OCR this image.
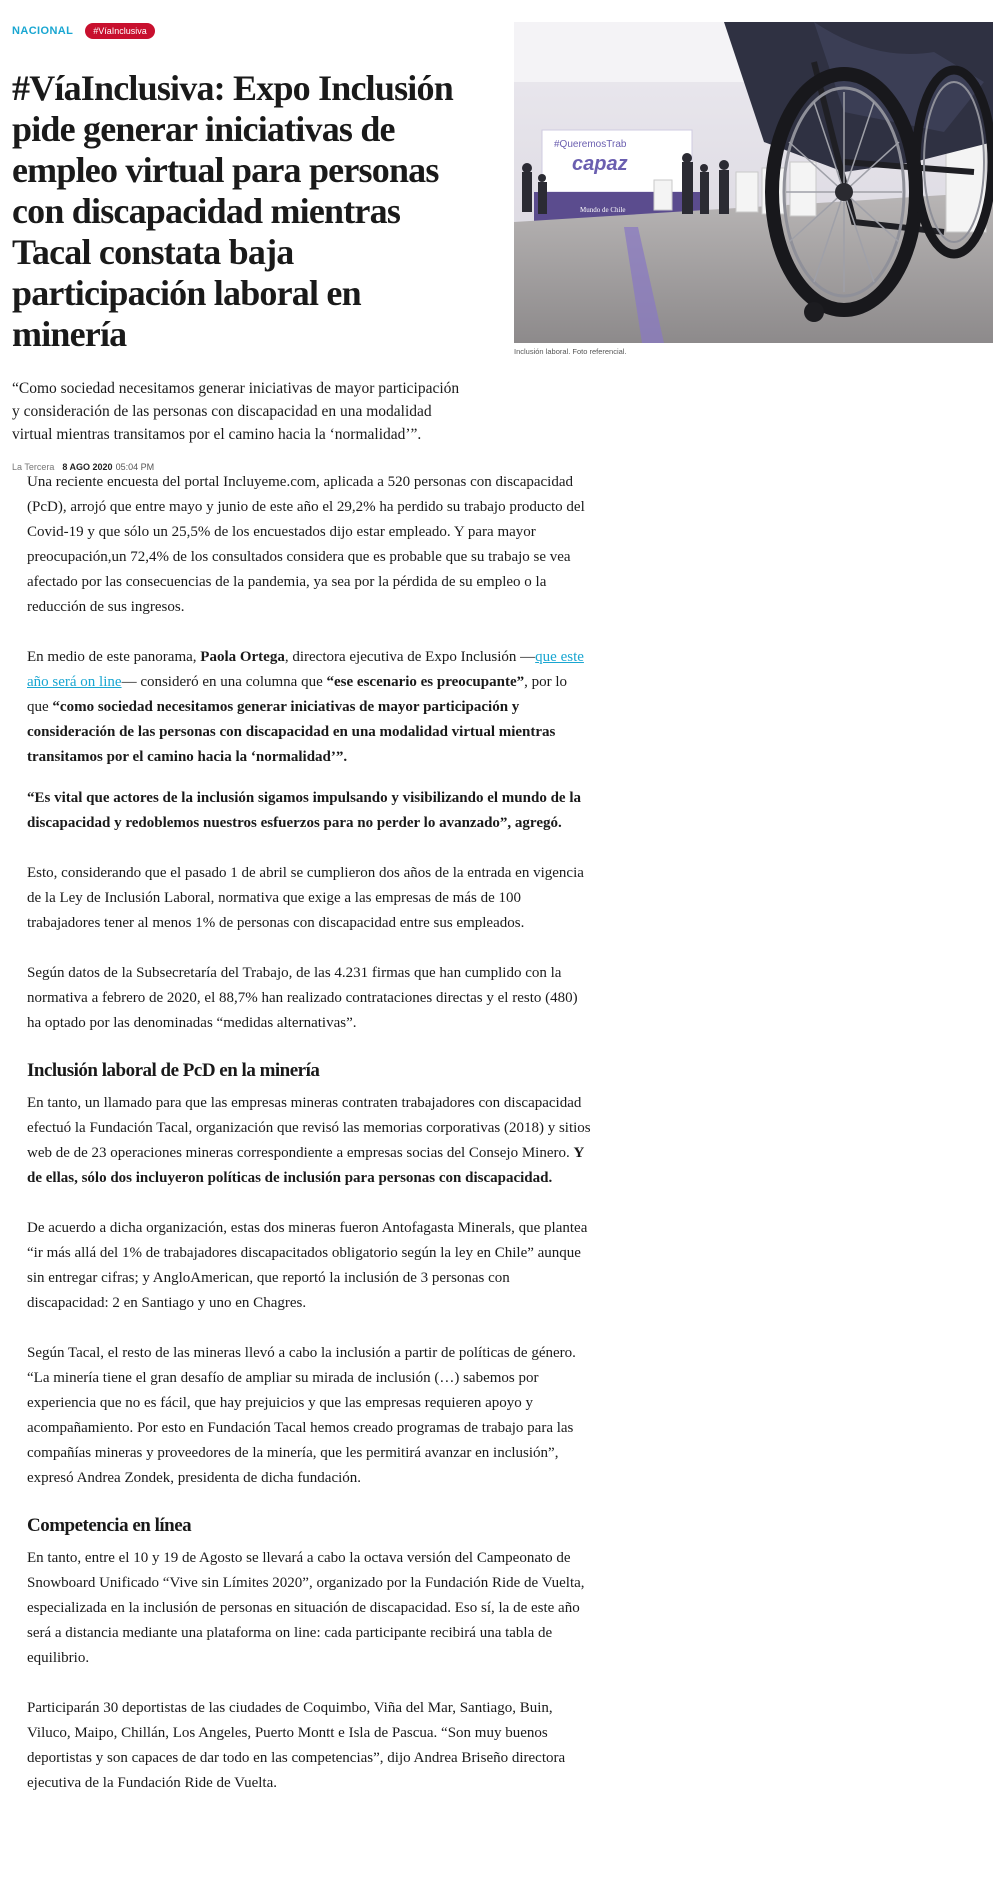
NACIONAL	#VíaInclusiva
#VíaInclusiva: Expo Inclusión pide generar iniciativas de empleo virtual para personas con discapacidad mientras Tacal constata baja participación laboral en minería

“Como sociedad necesitamos generar iniciativas de mayor participación y consideración de las personas con discapacidad en una modalidad virtual mientras transitamos por el camino hacia la ‘normalidad’”.

La Tercera 8 AGO 2020 05:04 PM
#QueremosTrab
capaz
Mundo de Chile
Inclusión laboral. Foto referencial.

Una reciente encuesta del portal Incluyeme.com, aplicada a 520 personas con discapacidad (PcD), arrojó que entre mayo y junio de este año el 29,2% ha perdido su trabajo producto del Covid-19 y que sólo un 25,5% de los encuestados dijo estar empleado. Y para mayor preocupación,un 72,4% de los consultados considera que es probable que su trabajo se vea afectado por las consecuencias de la pandemia, ya sea por la pérdida de su empleo o la reducción de sus ingresos.

En medio de este panorama, Paola Ortega, directora ejecutiva de Expo Inclusión —que este año será on line— consideró en una columna que “ese escenario es preocupante”, por lo que “como sociedad necesitamos generar iniciativas de mayor participación y consideración de las personas con discapacidad en una modalidad virtual mientras transitamos por el camino hacia la ‘normalidad’”.

“Es vital que actores de la inclusión sigamos impulsando y visibilizando el mundo de la discapacidad y redoblemos nuestros esfuerzos para no perder lo avanzado”, agregó.

Esto, considerando que el pasado 1 de abril se cumplieron dos años de la entrada en vigencia de la Ley de Inclusión Laboral, normativa que exige a las empresas de más de 100 trabajadores tener al menos 1% de personas con discapacidad entre sus empleados.

Según datos de la Subsecretaría del Trabajo, de las 4.231 firmas que han cumplido con la normativa a febrero de 2020, el 88,7% han realizado contrataciones directas y el resto (480) ha optado por las denominadas “medidas alternativas”.

Inclusión laboral de PcD en la minería

En tanto, un llamado para que las empresas mineras contraten trabajadores con discapacidad efectuó la Fundación Tacal, organización que revisó las memorias corporativas (2018) y sitios web de de 23 operaciones mineras correspondiente a empresas socias del Consejo Minero. Y de ellas, sólo dos incluyeron políticas de inclusión para personas con discapacidad.

De acuerdo a dicha organización, estas dos mineras fueron Antofagasta Minerals, que plantea “ir más allá del 1% de trabajadores discapacitados obligatorio según la ley en Chile” aunque sin entregar cifras; y AngloAmerican, que reportó la inclusión de 3 personas con discapacidad: 2 en Santiago y uno en Chagres.

Según Tacal, el resto de las mineras llevó a cabo la inclusión a partir de políticas de género. “La minería tiene el gran desafío de ampliar su mirada de inclusión (…) sabemos por experiencia que no es fácil, que hay prejuicios y que las empresas requieren apoyo y acompañamiento. Por esto en Fundación Tacal hemos creado programas de trabajo para las compañías mineras y proveedores de la minería, que les permitirá avanzar en inclusión”, expresó Andrea Zondek, presidenta de dicha fundación.

Competencia en línea

En tanto, entre el 10 y 19 de Agosto se llevará a cabo la octava versión del Campeonato de Snowboard Unificado “Vive sin Límites 2020”, organizado por la Fundación Ride de Vuelta, especializada en la inclusión de personas en situación de discapacidad. Eso sí, la de este año será a distancia mediante una plataforma on line: cada participante recibirá una tabla de equilibrio.

Participarán 30 deportistas de las ciudades de Coquimbo, Viña del Mar, Santiago, Buin, Viluco, Maipo, Chillán, Los Angeles, Puerto Montt e Isla de Pascua. “Son muy buenos deportistas y son capaces de dar todo en las competencias”, dijo Andrea Briseño directora ejecutiva de la Fundación Ride de Vuelta.
